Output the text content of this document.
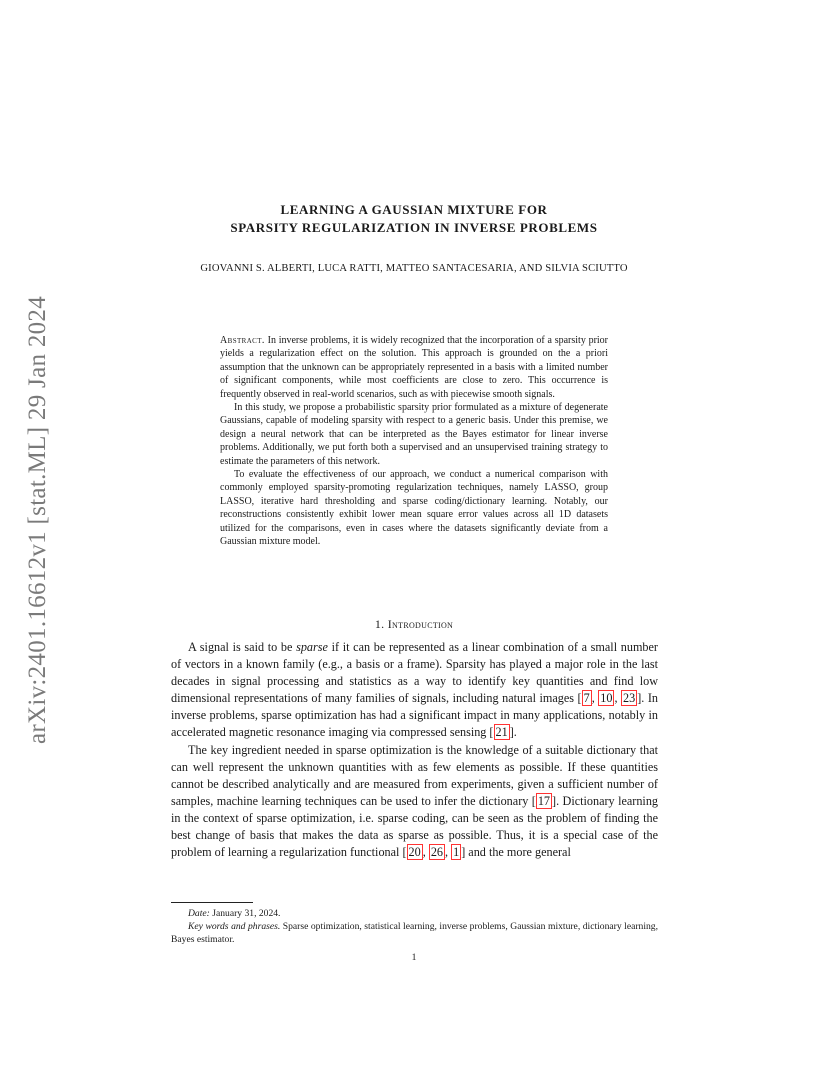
arXiv:2401.16612v1 [stat.ML] 29 Jan 2024
LEARNING A GAUSSIAN MIXTURE FOR
SPARSITY REGULARIZATION IN INVERSE PROBLEMS
GIOVANNI S. ALBERTI, LUCA RATTI, MATTEO SANTACESARIA, AND SILVIA SCIUTTO

Abstract. In inverse problems, it is widely recognized that the incorporation of a sparsity prior yields a regularization effect on the solution. This approach is grounded on the a priori assumption that the unknown can be appropriately represented in a basis with a limited number of significant components, while most coefficients are close to zero. This occurrence is frequently observed in real-world scenarios, such as with piecewise smooth signals.

In this study, we propose a probabilistic sparsity prior formulated as a mixture of degenerate Gaussians, capable of modeling sparsity with respect to a generic basis. Under this premise, we design a neural network that can be interpreted as the Bayes estimator for linear inverse problems. Additionally, we put forth both a supervised and an unsupervised training strategy to estimate the parameters of this network.

To evaluate the effectiveness of our approach, we conduct a numerical comparison with commonly employed sparsity-promoting regularization techniques, namely LASSO, group LASSO, iterative hard thresholding and sparse coding/dictionary learning. Notably, our reconstructions consistently exhibit lower mean square error values across all 1D datasets utilized for the comparisons, even in cases where the datasets significantly deviate from a Gaussian mixture model.

1. Introduction

A signal is said to be sparse if it can be represented as a linear combination of a small number of vectors in a known family (e.g., a basis or a frame). Sparsity has played a major role in the last decades in signal processing and statistics as a way to identify key quantities and find low dimensional representations of many families of signals, including natural images [ 7 , 10 , 23 ]. In inverse problems, sparse optimization has had a significant impact in many applications, notably in accelerated magnetic resonance imaging via compressed sensing [ 21 ].

The key ingredient needed in sparse optimization is the knowledge of a suitable dictionary that can well represent the unknown quantities with as few elements as possible. If these quantities cannot be described analytically and are measured from experiments, given a sufficient number of samples, machine learning techniques can be used to infer the dictionary [ 17 ]. Dictionary learning in the context of sparse optimization, i.e. sparse coding, can be seen as the problem of finding the best change of basis that makes the data as sparse as possible. Thus, it is a special case of the problem of learning a regularization functional [ 20 , 26 , 1 ] and the more general

Date: January 31, 2024.

Key words and phrases. Sparse optimization, statistical learning, inverse problems, Gaussian mixture, dictionary learning, Bayes estimator.

1
